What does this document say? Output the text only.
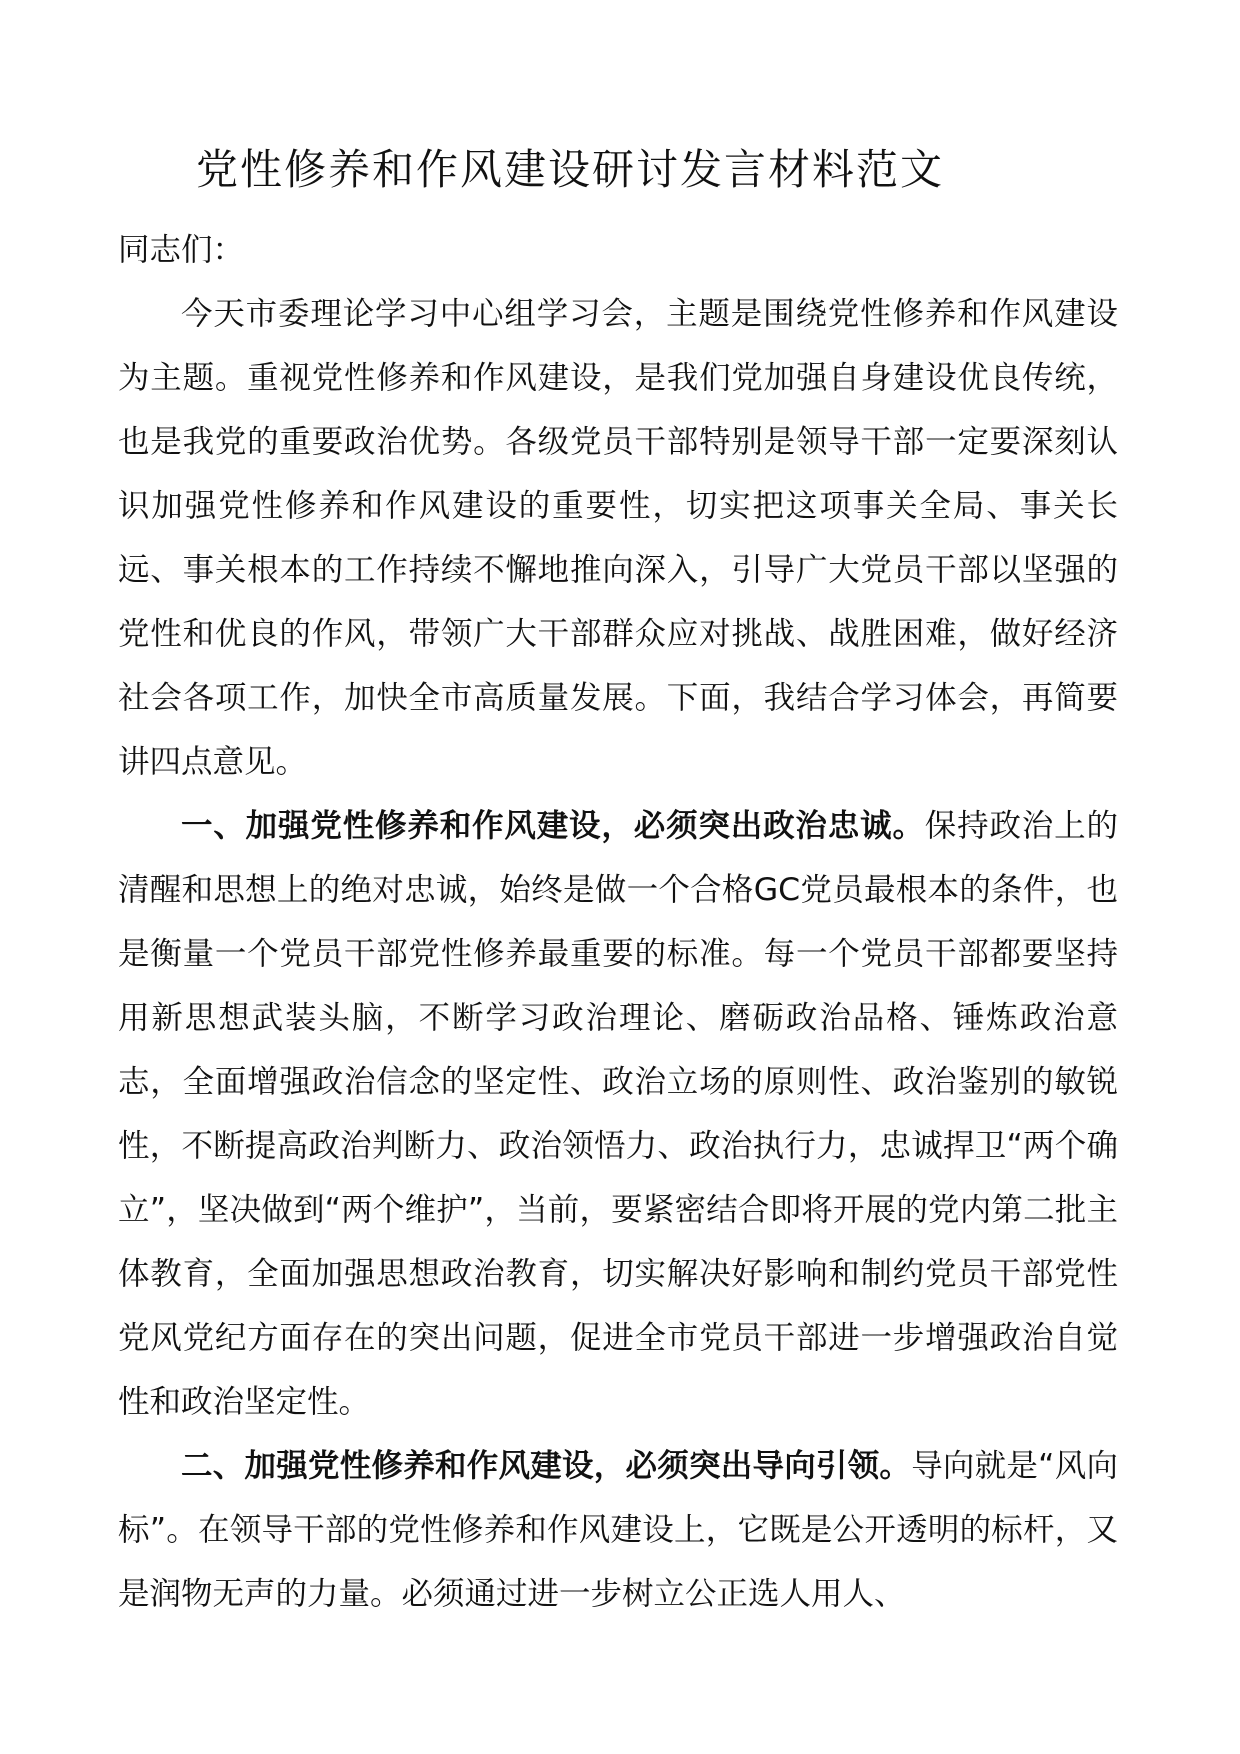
党性修养和作风建设研讨发言材料范文

同志们：

今天市委理论学习中心组学习会，主题是围绕党性修养和作风建设为主题。重视党性修养和作风建设，是我们党加强自身建设优良传统，也是我党的重要政治优势。各级党员干部特别是领导干部一定要深刻认识加强党性修养和作风建设的重要性，切实把这项事关全局、事关长远、事关根本的工作持续不懈地推向深入，引导广大党员干部以坚强的党性和优良的作风，带领广大干部群众应对挑战、战胜困难，做好经济社会各项工作，加快全市高质量发展。下面，我结合学习体会，再简要讲四点意见。

一、加强党性修养和作风建设，必须突出政治忠诚。保持政治上的清醒和思想上的绝对忠诚，始终是做一个合格GC党员最根本的条件，也是衡量一个党员干部党性修养最重要的标准。每一个党员干部都要坚持用新思想武装头脑，不断学习政治理论、磨砺政治品格、锤炼政治意志，全面增强政治信念的坚定性、政治立场的原则性、政治鉴别的敏锐性，不断提高政治判断力、政治领悟力、政治执行力，忠诚捍卫“两个确立”，坚决做到“两个维护”，当前，要紧密结合即将开展的党内第二批主体教育，全面加强思想政治教育，切实解决好影响和制约党员干部党性党风党纪方面存在的突出问题，促进全市党员干部进一步增强政治自觉性和政治坚定性。

二、加强党性修养和作风建设，必须突出导向引领。导向就是“风向标”。在领导干部的党性修养和作风建设上，它既是公开透明的标杆，又是润物无声的力量。必须通过进一步树立公正选人用人、
